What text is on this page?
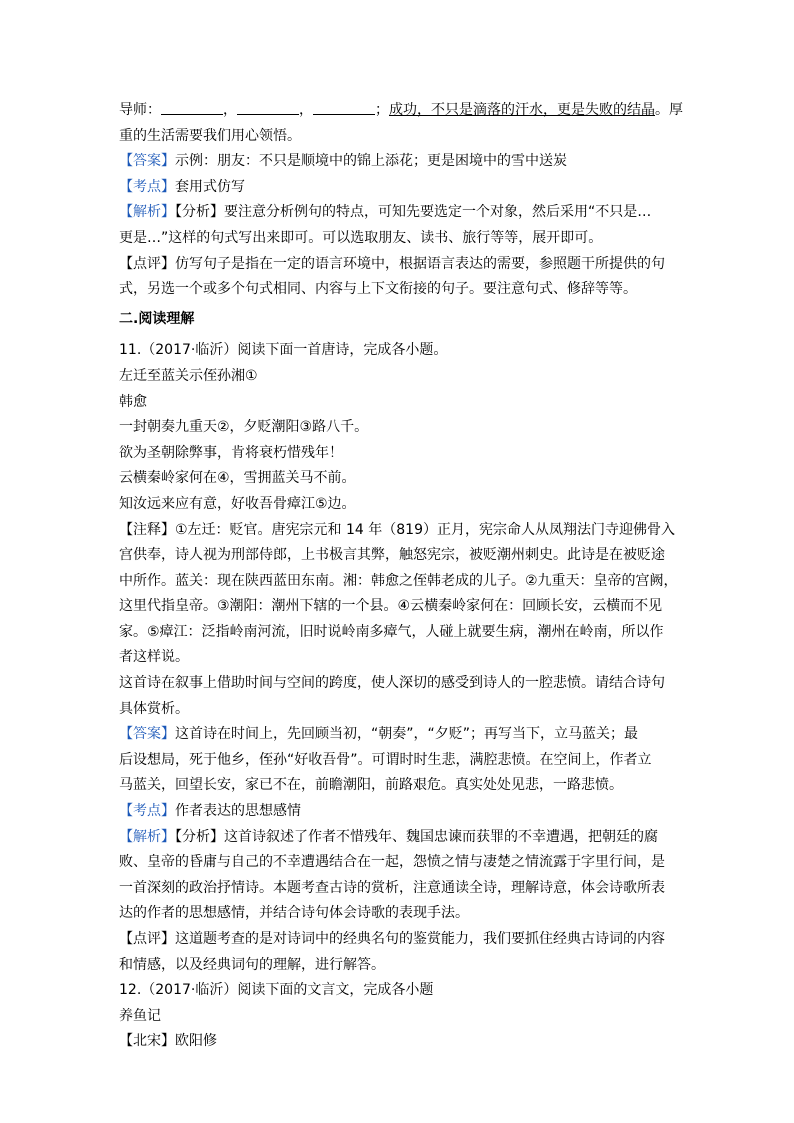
导师：	，	，	；成功，不只是滴落的汗水，更是失败的结晶。厚
重的生活需要我们用心领悟。
【答案】示例：朋友：不只是顺境中的锦上添花；更是困境中的雪中送炭
【考点】套用式仿写
【解析】【分析】要注意分析例句的特点，可知先要选定一个对象，然后采用“不只是…
更是…”这样的句式写出来即可。可以选取朋友、读书、旅行等等，展开即可。
【点评】仿写句子是指在一定的语言环境中，根据语言表达的需要，参照题干所提供的句
式，另选一个或多个句式相同、内容与上下文衔接的句子。要注意句式、修辞等等。
二.阅读理解
11.（2017·临沂）阅读下面一首唐诗，完成各小题。
左迁至蓝关示侄孙湘①
韩愈
一封朝奏九重天②，夕贬潮阳③路八千。
欲为圣朝除弊事，肯将衰朽惜残年！
云横秦岭家何在④，雪拥蓝关马不前。
知汝远来应有意，好收吾骨瘴江⑤边。
【注释】①左迁：贬官。唐宪宗元和 14 年（819）正月，宪宗命人从凤翔法门寺迎佛骨入
宫供奉，诗人视为刑部侍郎，上书极言其弊，触怒宪宗，被贬潮州刺史。此诗是在被贬途
中所作。蓝关：现在陕西蓝田东南。湘：韩愈之侄韩老成的儿子。②九重天：皇帝的宫阙，
这里代指皇帝。③潮阳：潮州下辖的一个县。④云横秦岭家何在：回顾长安，云横而不见
家。⑤瘴江：泛指岭南河流，旧时说岭南多瘴气，人碰上就要生病，潮州在岭南，所以作
者这样说。
这首诗在叙事上借助时间与空间的跨度，使人深切的感受到诗人的一腔悲愤。请结合诗句
具体赏析。
【答案】这首诗在时间上，先回顾当初，“朝奏”，“夕贬”；再写当下，立马蓝关；最
后设想局，死于他乡，侄孙“好收吾骨”。可谓时时生悲，满腔悲愤。在空间上，作者立
马蓝关，回望长安，家已不在，前瞻潮阳，前路艰危。真实处处见悲，一路悲愤。
【考点】作者表达的思想感情
【解析】【分析】这首诗叙述了作者不惜残年、魏国忠谏而获罪的不幸遭遇，把朝廷的腐
败、皇帝的昏庸与自己的不幸遭遇结合在一起，怨愤之情与凄楚之情流露于字里行间，是
一首深刻的政治抒情诗。本题考查古诗的赏析，注意通读全诗，理解诗意，体会诗歌所表
达的作者的思想感情，并结合诗句体会诗歌的表现手法。
【点评】这道题考查的是对诗词中的经典名句的鉴赏能力，我们要抓住经典古诗词的内容
和情感，以及经典词句的理解，进行解答。
12.（2017·临沂）阅读下面的文言文，完成各小题
养鱼记
【北宋】欧阳修
